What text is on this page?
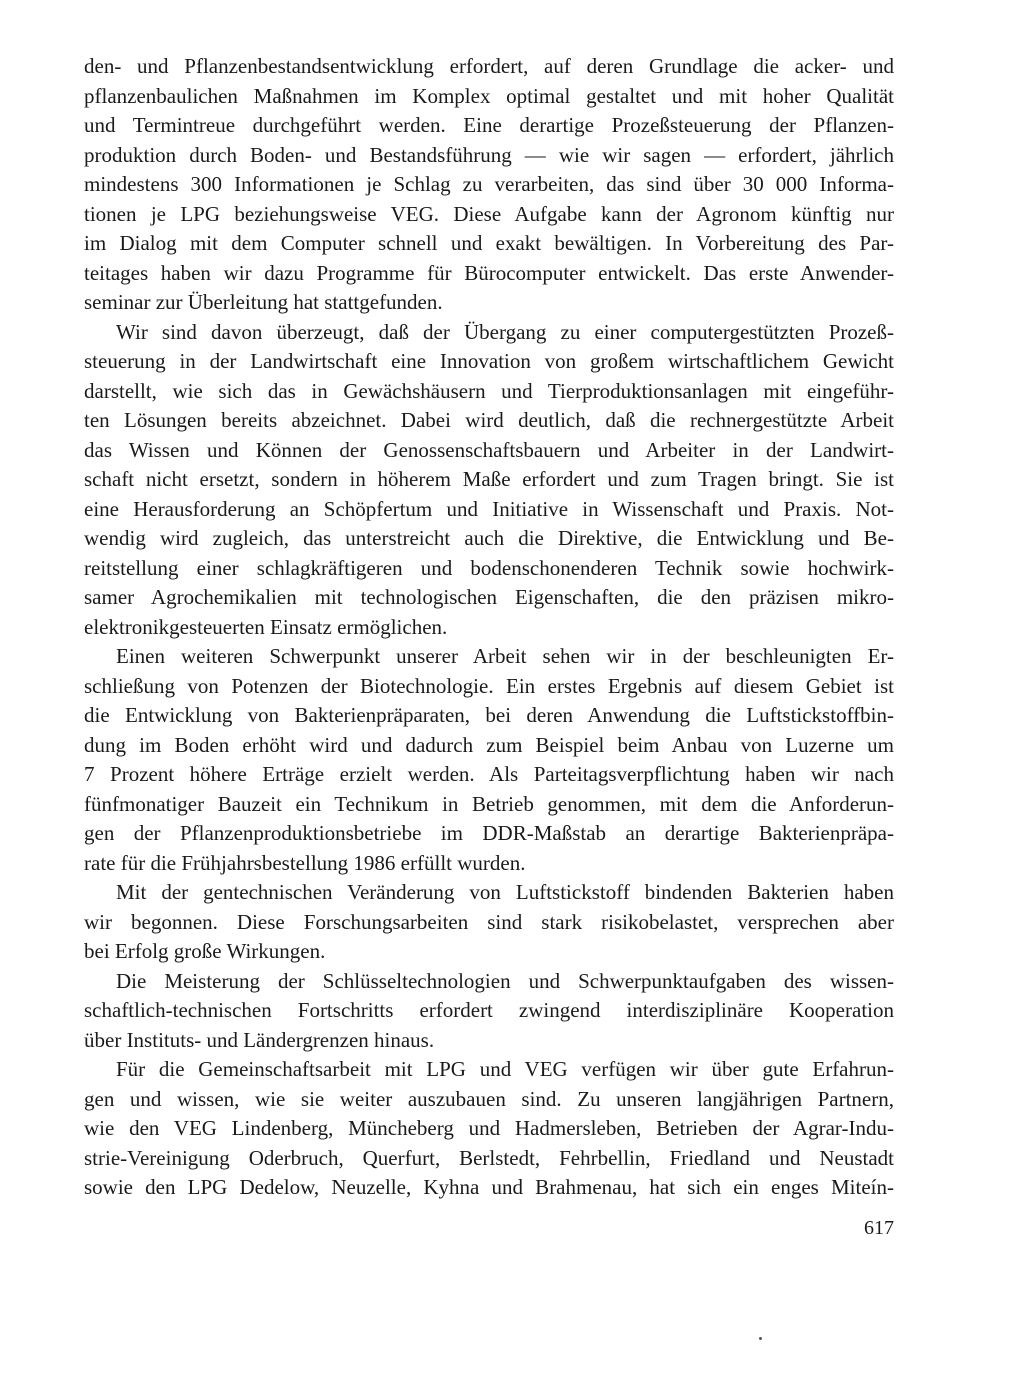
den- und Pflanzenbestandsentwicklung erfordert, auf deren Grundlage die acker- und
pflanzenbaulichen Maßnahmen im Komplex optimal gestaltet und mit hoher Qualität
und Termintreue durchgeführt werden. Eine derartige Prozeßsteuerung der Pflanzen-
produktion durch Boden- und Bestandsführung — wie wir sagen — erfordert, jährlich
mindestens 300 Informationen je Schlag zu verarbeiten, das sind über 30 000 Informa-
tionen je LPG beziehungsweise VEG. Diese Aufgabe kann der Agronom künftig nur
im Dialog mit dem Computer schnell und exakt bewältigen. In Vorbereitung des Par-
teitages haben wir dazu Programme für Bürocomputer entwickelt. Das erste Anwender-
seminar zur Überleitung hat stattgefunden.
Wir sind davon überzeugt, daß der Übergang zu einer computergestützten Prozeß-
steuerung in der Landwirtschaft eine Innovation von großem wirtschaftlichem Gewicht
darstellt, wie sich das in Gewächshäusern und Tierproduktionsanlagen mit eingeführ-
ten Lösungen bereits abzeichnet. Dabei wird deutlich, daß die rechnergestützte Arbeit
das Wissen und Können der Genossenschaftsbauern und Arbeiter in der Landwirt-
schaft nicht ersetzt, sondern in höherem Maße erfordert und zum Tragen bringt. Sie ist
eine Herausforderung an Schöpfertum und Initiative in Wissenschaft und Praxis. Not-
wendig wird zugleich, das unterstreicht auch die Direktive, die Entwicklung und Be-
reitstellung einer schlagkräftigeren und bodenschonenderen Technik sowie hochwirk-
samer Agrochemikalien mit technologischen Eigenschaften, die den präzisen mikro-
elektronikgesteuerten Einsatz ermöglichen.
Einen weiteren Schwerpunkt unserer Arbeit sehen wir in der beschleunigten Er-
schließung von Potenzen der Biotechnologie. Ein erstes Ergebnis auf diesem Gebiet ist
die Entwicklung von Bakterienpräparaten, bei deren Anwendung die Luftstickstoffbin-
dung im Boden erhöht wird und dadurch zum Beispiel beim Anbau von Luzerne um
7 Prozent höhere Erträge erzielt werden. Als Parteitagsverpflichtung haben wir nach
fünfmonatiger Bauzeit ein Technikum in Betrieb genommen, mit dem die Anforderun-
gen der Pflanzenproduktionsbetriebe im DDR-Maßstab an derartige Bakterienpräpa-
rate für die Frühjahrsbestellung 1986 erfüllt wurden.
Mit der gentechnischen Veränderung von Luftstickstoff bindenden Bakterien haben
wir begonnen. Diese Forschungsarbeiten sind stark risikobelastet, versprechen aber
bei Erfolg große Wirkungen.
Die Meisterung der Schlüsseltechnologien und Schwerpunktaufgaben des wissen-
schaftlich-technischen Fortschritts erfordert zwingend interdisziplinäre Kooperation
über Instituts- und Ländergrenzen hinaus.
Für die Gemeinschaftsarbeit mit LPG und VEG verfügen wir über gute Erfahrun-
gen und wissen, wie sie weiter auszubauen sind. Zu unseren langjährigen Partnern,
wie den VEG Lindenberg, Müncheberg und Hadmersleben, Betrieben der Agrar-Indu-
strie-Vereinigung Oderbruch, Querfurt, Berlstedt, Fehrbellin, Friedland und Neustadt
sowie den LPG Dedelow, Neuzelle, Kyhna und Brahmenau, hat sich ein enges Miteín-
617
